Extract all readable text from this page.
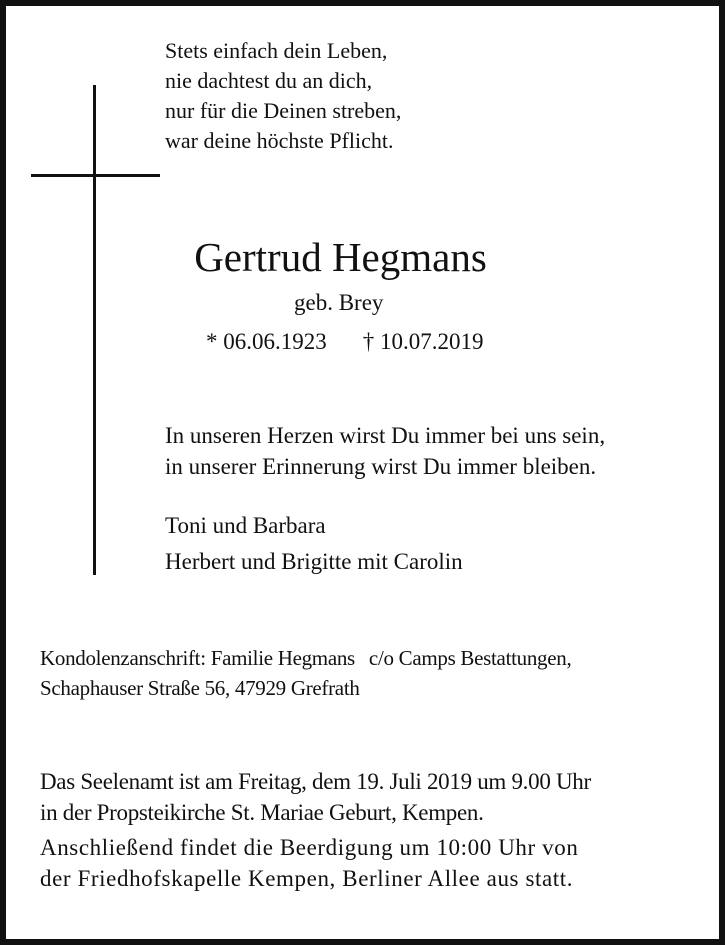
Stets einfach dein Leben,
nie dachtest du an dich,
nur für die Deinen streben,
war deine höchste Pflicht.
Gertrud Hegmans
geb. Brey
* 06.06.1923 † 10.07.2019
In unseren Herzen wirst Du immer bei uns sein,
in unserer Erinnerung wirst Du immer bleiben.
Toni und Barbara
Herbert und Brigitte mit Carolin
Kondolenzanschrift: Familie Hegmans c/o Camps Bestattungen,
Schaphauser Straße 56, 47929 Grefrath
Das Seelenamt ist am Freitag, dem 19. Juli 2019 um 9.00 Uhr
in der Propsteikirche St. Mariae Geburt, Kempen.
Anschließend findet die Beerdigung um 10:00 Uhr von
der Friedhofskapelle Kempen, Berliner Allee aus statt.
